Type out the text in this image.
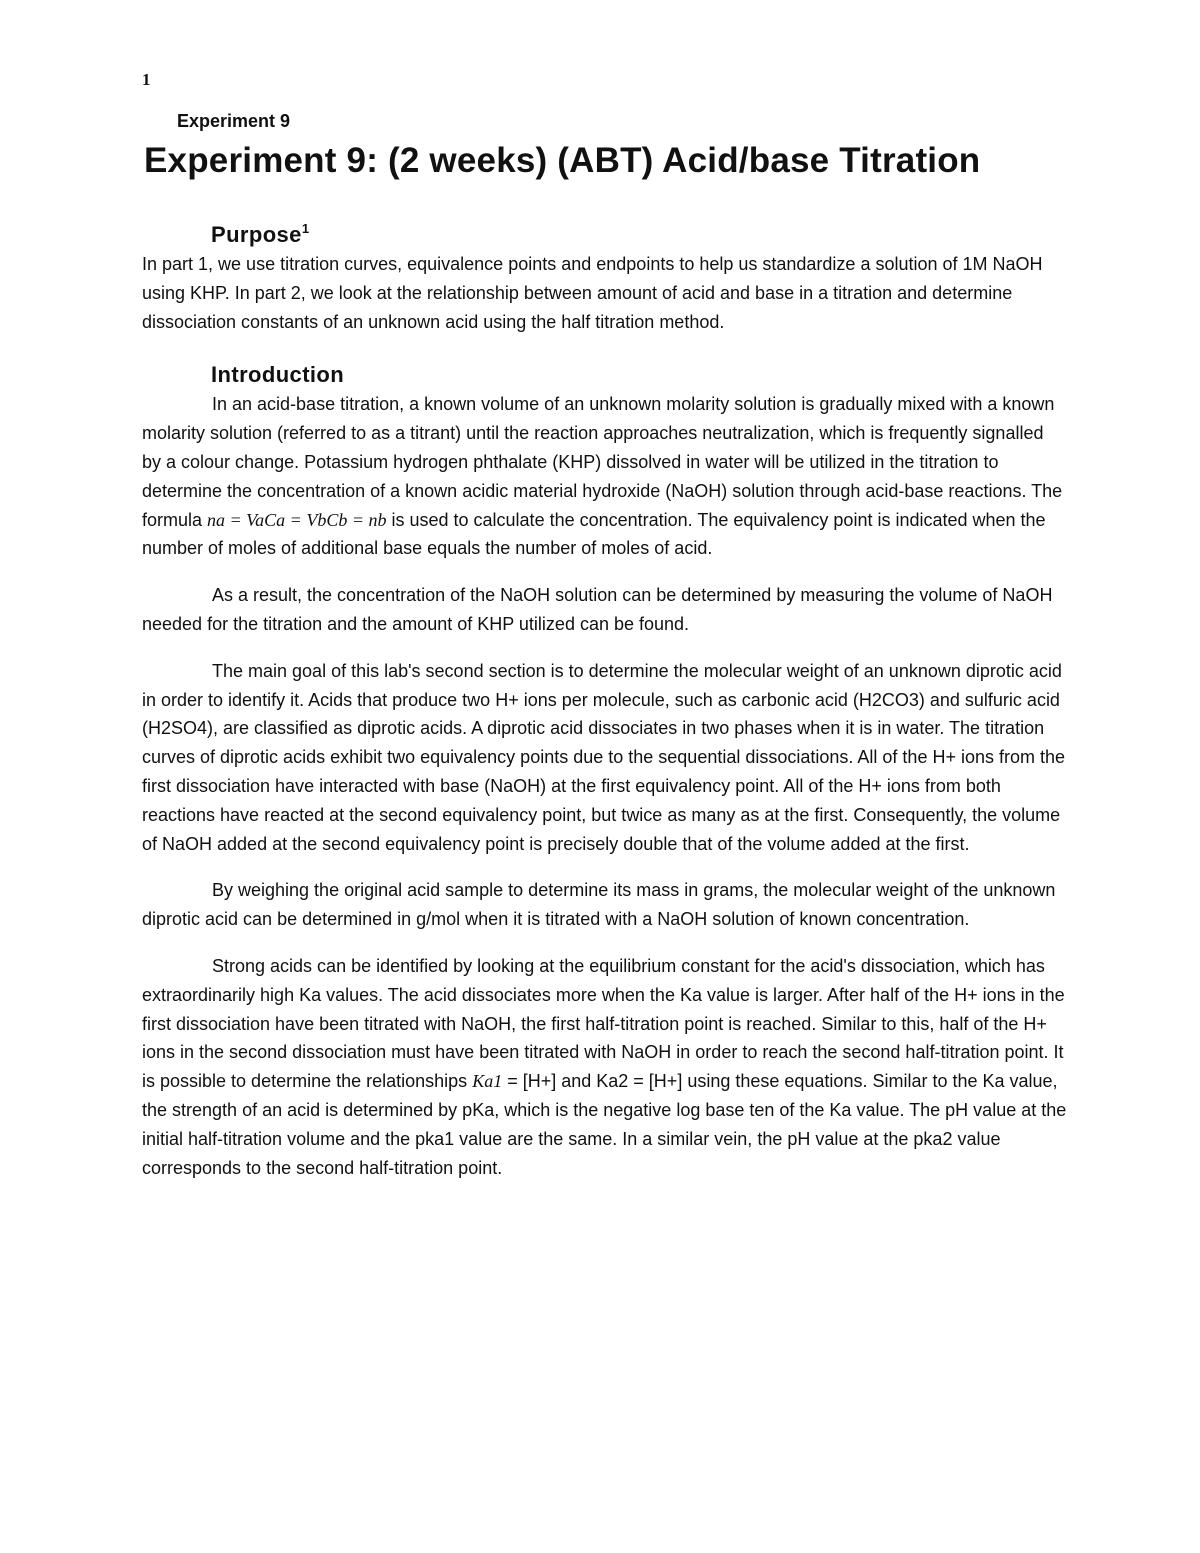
1
Experiment 9
Experiment 9: (2 weeks) (ABT) Acid/base Titration
Purpose$^1$

In part 1, we use titration curves, equivalence points and endpoints to help us standardize a solution of 1M NaOH using KHP. In part 2, we look at the relationship between amount of acid and base in a titration and determine dissociation constants of an unknown acid using the half titration method.

Introduction

In an acid-base titration, a known volume of an unknown molarity solution is gradually mixed with a known molarity solution (referred to as a titrant) until the reaction approaches neutralization, which is frequently signalled by a colour change. Potassium hydrogen phthalate (KHP) dissolved in water will be utilized in the titration to determine the concentration of a known acidic material hydroxide (NaOH) solution through acid-base reactions. The formula na = VaCa = VbCb = nb is used to calculate the concentration. The equivalency point is indicated when the number of moles of additional base equals the number of moles of acid.

As a result, the concentration of the NaOH solution can be determined by measuring the volume of NaOH needed for the titration and the amount of KHP utilized can be found.

The main goal of this lab's second section is to determine the molecular weight of an unknown diprotic acid in order to identify it. Acids that produce two H+ ions per molecule, such as carbonic acid (H2CO3) and sulfuric acid (H2SO4), are classified as diprotic acids. A diprotic acid dissociates in two phases when it is in water. The titration curves of diprotic acids exhibit two equivalency points due to the sequential dissociations. All of the H+ ions from the first dissociation have interacted with base (NaOH) at the first equivalency point. All of the H+ ions from both reactions have reacted at the second equivalency point, but twice as many as at the first. Consequently, the volume of NaOH added at the second equivalency point is precisely double that of the volume added at the first.

By weighing the original acid sample to determine its mass in grams, the molecular weight of the unknown diprotic acid can be determined in g/mol when it is titrated with a NaOH solution of known concentration.

Strong acids can be identified by looking at the equilibrium constant for the acid's dissociation, which has extraordinarily high Ka values. The acid dissociates more when the Ka value is larger. After half of the H+ ions in the first dissociation have been titrated with NaOH, the first half-titration point is reached. Similar to this, half of the H+ ions in the second dissociation must have been titrated with NaOH in order to reach the second half-titration point. It is possible to determine the relationships Ka1 = [H+] and Ka2 = [H+] using these equations. Similar to the Ka value, the strength of an acid is determined by pKa, which is the negative log base ten of the Ka value. The pH value at the initial half-titration volume and the pka1 value are the same. In a similar vein, the pH value at the pka2 value corresponds to the second half-titration point.
